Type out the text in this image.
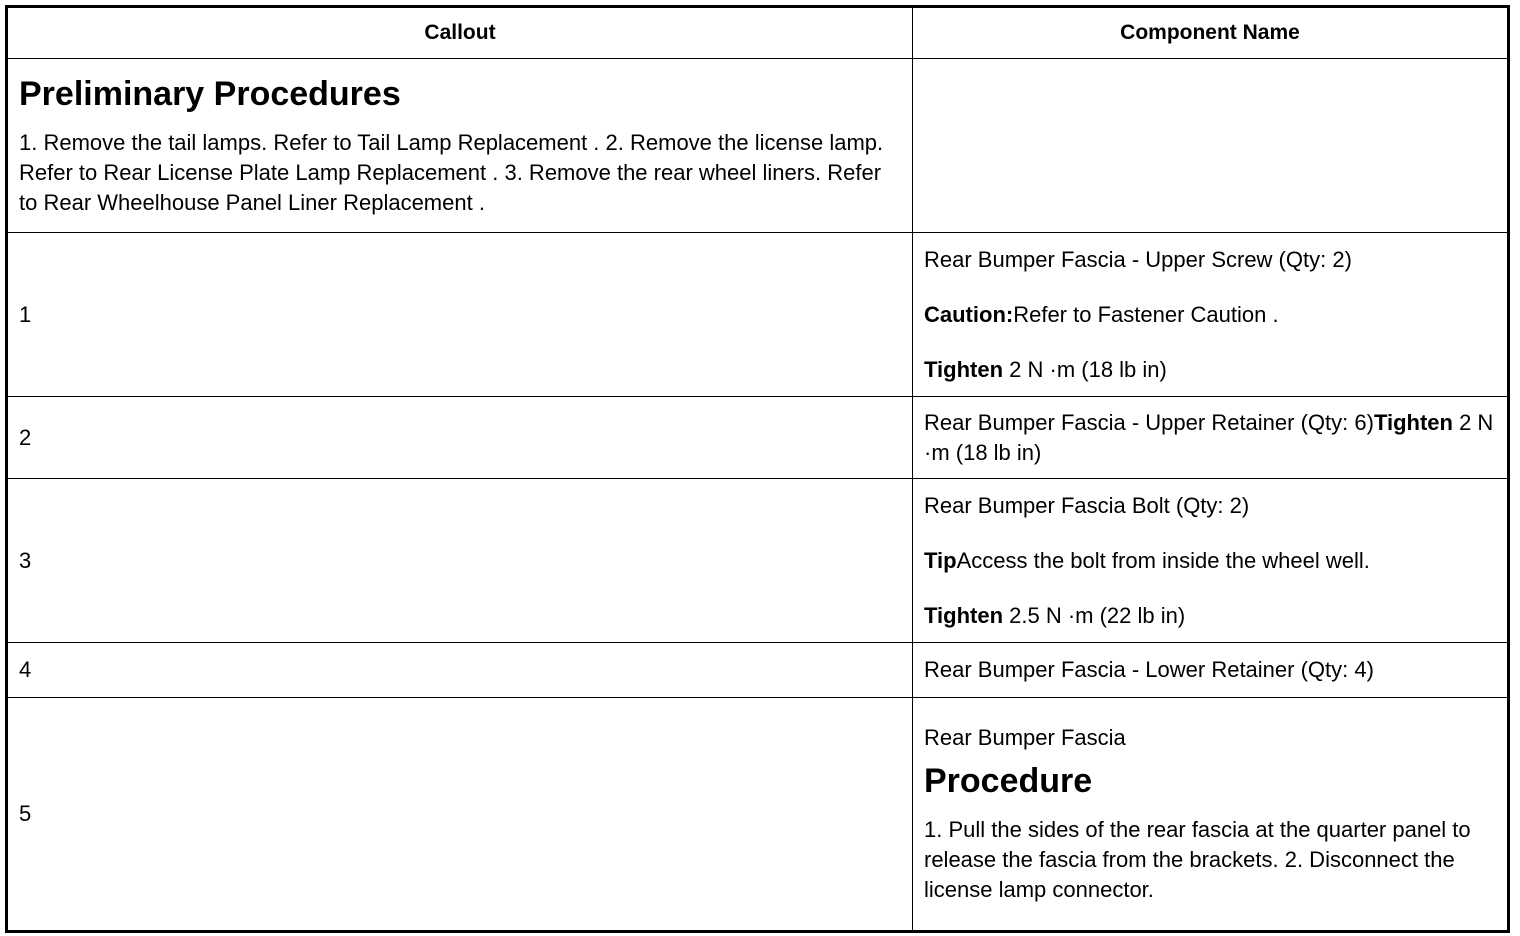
Callout	Component Name

Preliminary Procedures
1. Remove the tail lamps. Refer to Tail Lamp Replacement . 2. Remove the license lamp. Refer to Rear License Plate Lamp Replacement . 3. Remove the rear wheel liners. Refer to Rear Wheelhouse Panel Liner Replacement .	

1	Rear Bumper Fascia - Upper Screw (Qty: 2)
Caution:Refer to Fastener Caution .
Tighten 2 N ·m (18 lb in)

2	Rear Bumper Fascia - Upper Retainer (Qty: 6)Tighten 2 N ·m (18 lb in)

3	Rear Bumper Fascia Bolt (Qty: 2)
TipAccess the bolt from inside the wheel well.
Tighten 2.5 N ·m (22 lb in)

4	Rear Bumper Fascia - Lower Retainer (Qty: 4)

5	Rear Bumper Fascia
Procedure
1. Pull the sides of the rear fascia at the quarter panel to release the fascia from the brackets. 2. Disconnect the license lamp connector.
